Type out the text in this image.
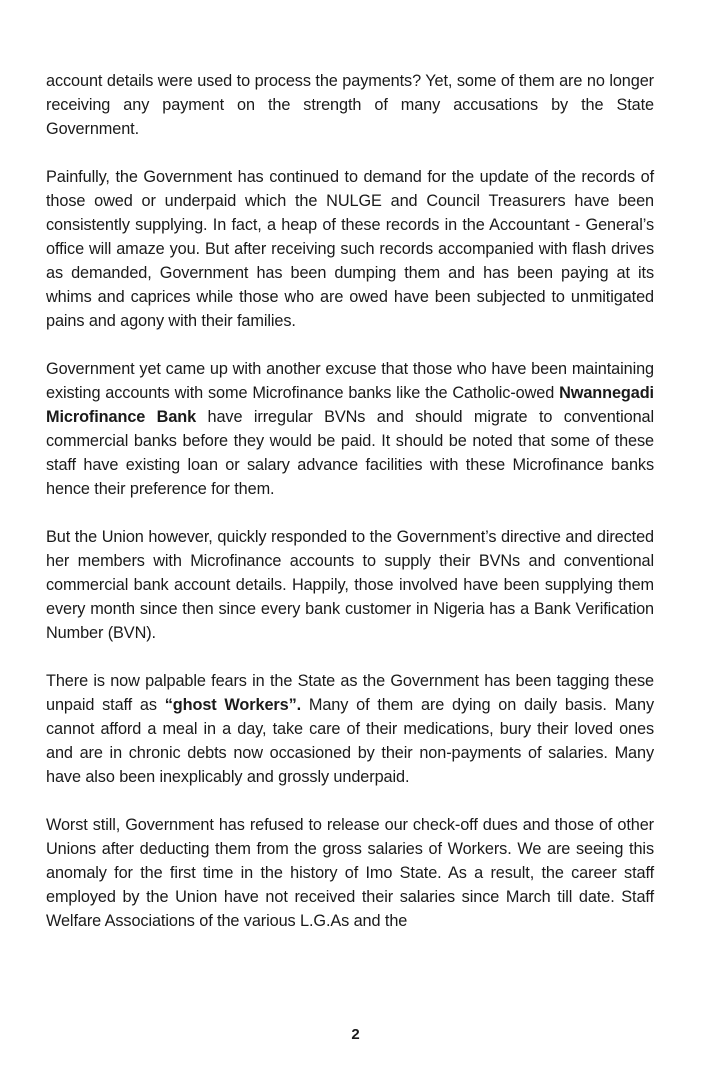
account details were used to process the payments? Yet, some of them are no longer receiving any payment on the strength of many accusations by the State Government.

Painfully, the Government has continued to demand for the update of the records of those owed or underpaid which the NULGE and Council Treasurers have been consistently supplying. In fact, a heap of these records in the Accountant - General’s office will amaze you. But after receiving such records accompanied with flash drives as demanded, Government has been dumping them and has been paying at its whims and caprices while those who are owed have been subjected to unmitigated pains and agony with their families.

Government yet came up with another excuse that those who have been maintaining existing accounts with some Microfinance banks like the Catholic-owed Nwannegadi Microfinance Bank have irregular BVNs and should migrate to conventional commercial banks before they would be paid. It should be noted that some of these staff have existing loan or salary advance facilities with these Microfinance banks hence their preference for them.

But the Union however, quickly responded to the Government’s directive and directed her members with Microfinance accounts to supply their BVNs and conventional commercial bank account details. Happily, those involved have been supplying them every month since then since every bank customer in Nigeria has a Bank Verification Number (BVN).

There is now palpable fears in the State as the Government has been tagging these unpaid staff as “ghost Workers”. Many of them are dying on daily basis. Many cannot afford a meal in a day, take care of their medications, bury their loved ones and are in chronic debts now occasioned by their non-payments of salaries. Many have also been inexplicably and grossly underpaid.

Worst still, Government has refused to release our check-off dues and those of other Unions after deducting them from the gross salaries of Workers. We are seeing this anomaly for the first time in the history of Imo State. As a result, the career staff employed by the Union have not received their salaries since March till date. Staff Welfare Associations of the various L.G.As and the

2
